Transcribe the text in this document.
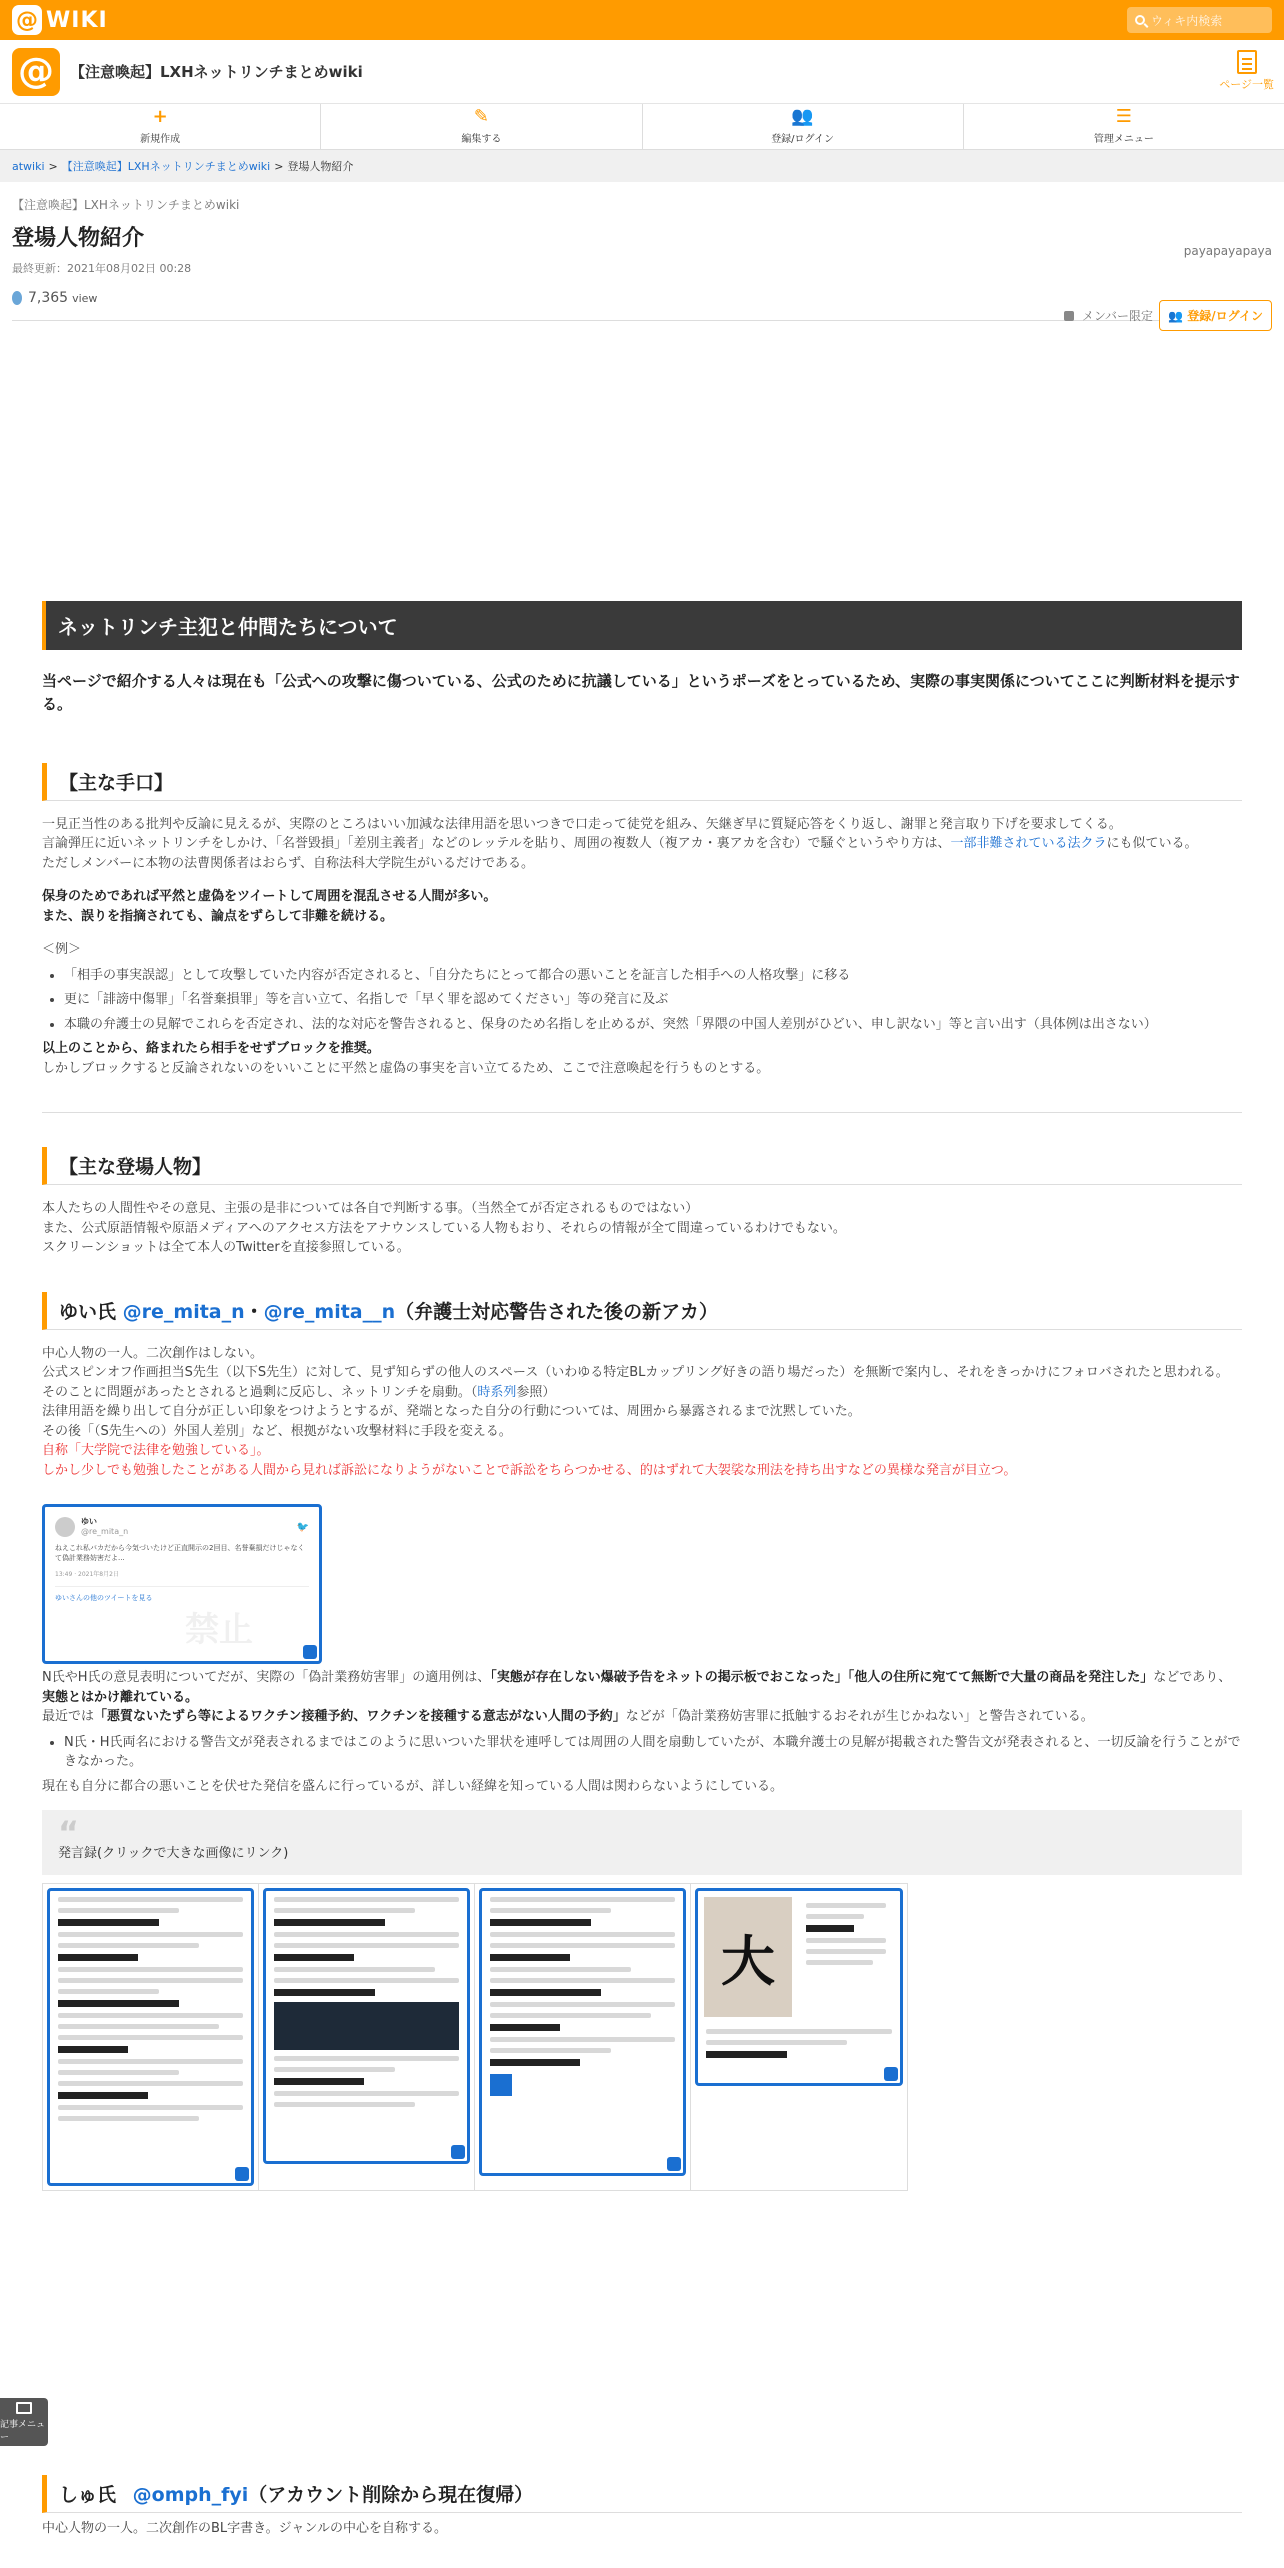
@ WIKI	ウィキ内検索
@	【注意喚起】LXHネットリンチまとめwiki
ページ一覧
+
新規作成
✎
編集する
👥
登録/ログイン
☰
管理メニュー
atwiki > 【注意喚起】LXHネットリンチまとめwiki > 登場人物紹介
【注意喚起】LXHネットリンチまとめwiki
登場人物紹介
最終更新：2021年08月02日 00:28
payapayapaya
7,365 view
メンバー限定	👥 登録/ログイン
ネットリンチ主犯と仲間たちについて

当ページで紹介する人々は現在も「公式への攻撃に傷ついている、公式のために抗議している」というポーズをとっているため、実際の事実関係についてここに判断材料を提示する。

【主な手口】

一見正当性のある批判や反論に見えるが、実際のところはいい加減な法律用語を思いつきで口走って徒党を組み、矢継ぎ早に質疑応答をくり返し、謝罪と発言取り下げを要求してくる。

言論弾圧に近いネットリンチをしかけ、「名誉毀損」「差別主義者」などのレッテルを貼り、周囲の複数人（複アカ・裏アカを含む）で騒ぐというやり方は、一部非難されている法クラにも似ている。

ただしメンバーに本物の法曹関係者はおらず、自称法科大学院生がいるだけである。

保身のためであれば平然と虚偽をツイートして周囲を混乱させる人間が多い。

また、誤りを指摘されても、論点をずらして非難を続ける。

＜例＞

• 「相手の事実誤認」として攻撃していた内容が否定されると、「自分たちにとって都合の悪いことを証言した相手への人格攻撃」に移る
• 更に「誹謗中傷罪」「名誉棄損罪」等を言い立て、名指しで「早く罪を認めてください」等の発言に及ぶ
• 本職の弁護士の見解でこれらを否定され、法的な対応を警告されると、保身のため名指しを止めるが、突然「界隈の中国人差別がひどい、申し訳ない」等と言い出す（具体例は出さない）

以上のことから、絡まれたら相手をせずブロックを推奨。

しかしブロックすると反論されないのをいいことに平然と虚偽の事実を言い立てるため、ここで注意喚起を行うものとする。

【主な登場人物】

本人たちの人間性やその意見、主張の是非については各自で判断する事。（当然全てが否定されるものではない）

また、公式原語情報や原語メディアへのアクセス方法をアナウンスしている人物もおり、それらの情報が全て間違っているわけでもない。

スクリーンショットは全て本人のTwitterを直接参照している。

ゆい氏 @re_mita_n・@re_mita__n（弁護士対応警告された後の新アカ）

中心人物の一人。二次創作はしない。

公式スピンオフ作画担当S先生（以下S先生）に対して、見ず知らずの他人のスペース（いわゆる特定BLカップリング好きの語り場だった）を無断で案内し、それをきっかけにフォロバされたと思われる。

そのことに問題があったとされると過剰に反応し、ネットリンチを扇動。（時系列参照）

法律用語を繰り出して自分が正しい印象をつけようとするが、発端となった自分の行動については、周囲から暴露されるまで沈黙していた。

その後「（S先生への）外国人差別」など、根拠がない攻撃材料に手段を変える。

自称「大学院で法律を勉強している」。

しかし少しでも勉強したことがある人間から見れば訴訟になりようがないことで訴訟をちらつかせる、的はずれて大袈裟な刑法を持ち出すなどの異様な発言が目立つ。

ゆい
@re_mita_n	🐦
ねえこれ私バカだから今気づいたけど正直開示の2回目、名誉棄損だけじゃなくて偽計業務妨害だよ...
13:49 · 2021年8月2日
ゆいさんの他のツイートを見る
禁止

N氏やH氏の意見表明についてだが、実際の「偽計業務妨害罪」の適用例は、「実態が存在しない爆破予告をネットの掲示板でおこなった」「他人の住所に宛てて無断で大量の商品を発注した」などであり、実態とはかけ離れている。

最近では「悪質ないたずら等によるワクチン接種予約、ワクチンを接種する意志がない人間の予約」などが「偽計業務妨害罪に抵触するおそれが生じかねない」と警告されている。

• N氏・H氏両名における警告文が発表されるまではこのように思いついた罪状を連呼しては周囲の人間を扇動していたが、本職弁護士の見解が掲載された警告文が発表されると、一切反論を行うことができなかった。

現在も自分に都合の悪いことを伏せた発信を盛んに行っているが、詳しい経緯を知っている人間は関わらないようにしている。

“
発言録(クリックで大きな画像にリンク)
大
しゅ氏 @omph_fyi（アカウント削除から現在復帰）

中心人物の一人。二次創作のBL字書き。ジャンルの中心を自称する。

記事メニュー
